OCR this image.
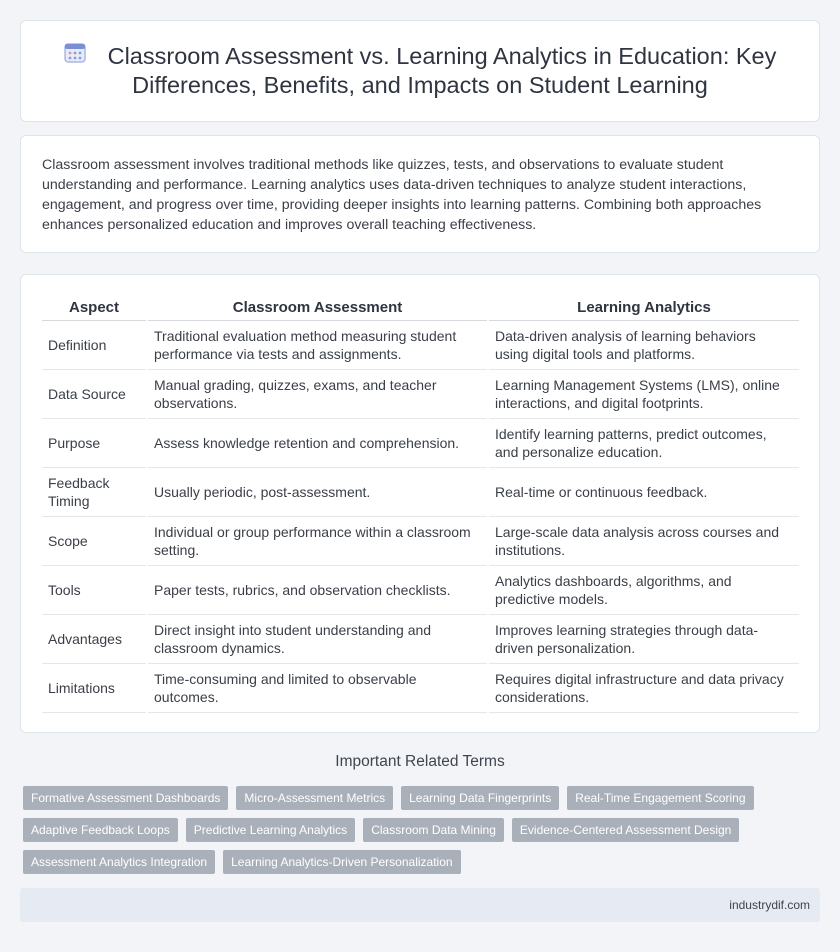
Classroom Assessment vs. Learning Analytics in Education: Key Differences, Benefits, and Impacts on Student Learning

Classroom assessment involves traditional methods like quizzes, tests, and observations to evaluate student understanding and performance. Learning analytics uses data-driven techniques to analyze student interactions, engagement, and progress over time, providing deeper insights into learning patterns. Combining both approaches enhances personalized education and improves overall teaching effectiveness.

Aspect	Classroom Assessment	Learning Analytics
Definition	Traditional evaluation method measuring student performance via tests and assignments.	Data-driven analysis of learning behaviors using digital tools and platforms.
Data Source	Manual grading, quizzes, exams, and teacher observations.	Learning Management Systems (LMS), online interactions, and digital footprints.
Purpose	Assess knowledge retention and comprehension.	Identify learning patterns, predict outcomes, and personalize education.
Feedback Timing	Usually periodic, post-assessment.	Real-time or continuous feedback.
Scope	Individual or group performance within a classroom setting.	Large-scale data analysis across courses and institutions.
Tools	Paper tests, rubrics, and observation checklists.	Analytics dashboards, algorithms, and predictive models.
Advantages	Direct insight into student understanding and classroom dynamics.	Improves learning strategies through data-driven personalization.
Limitations	Time-consuming and limited to observable outcomes.	Requires digital infrastructure and data privacy considerations.
Important Related Terms
Formative Assessment Dashboards	Micro-Assessment Metrics	Learning Data Fingerprints	Real-Time Engagement Scoring
Adaptive Feedback Loops	Predictive Learning Analytics	Classroom Data Mining	Evidence-Centered Assessment Design
Assessment Analytics Integration	Learning Analytics-Driven Personalization
industrydif.com
